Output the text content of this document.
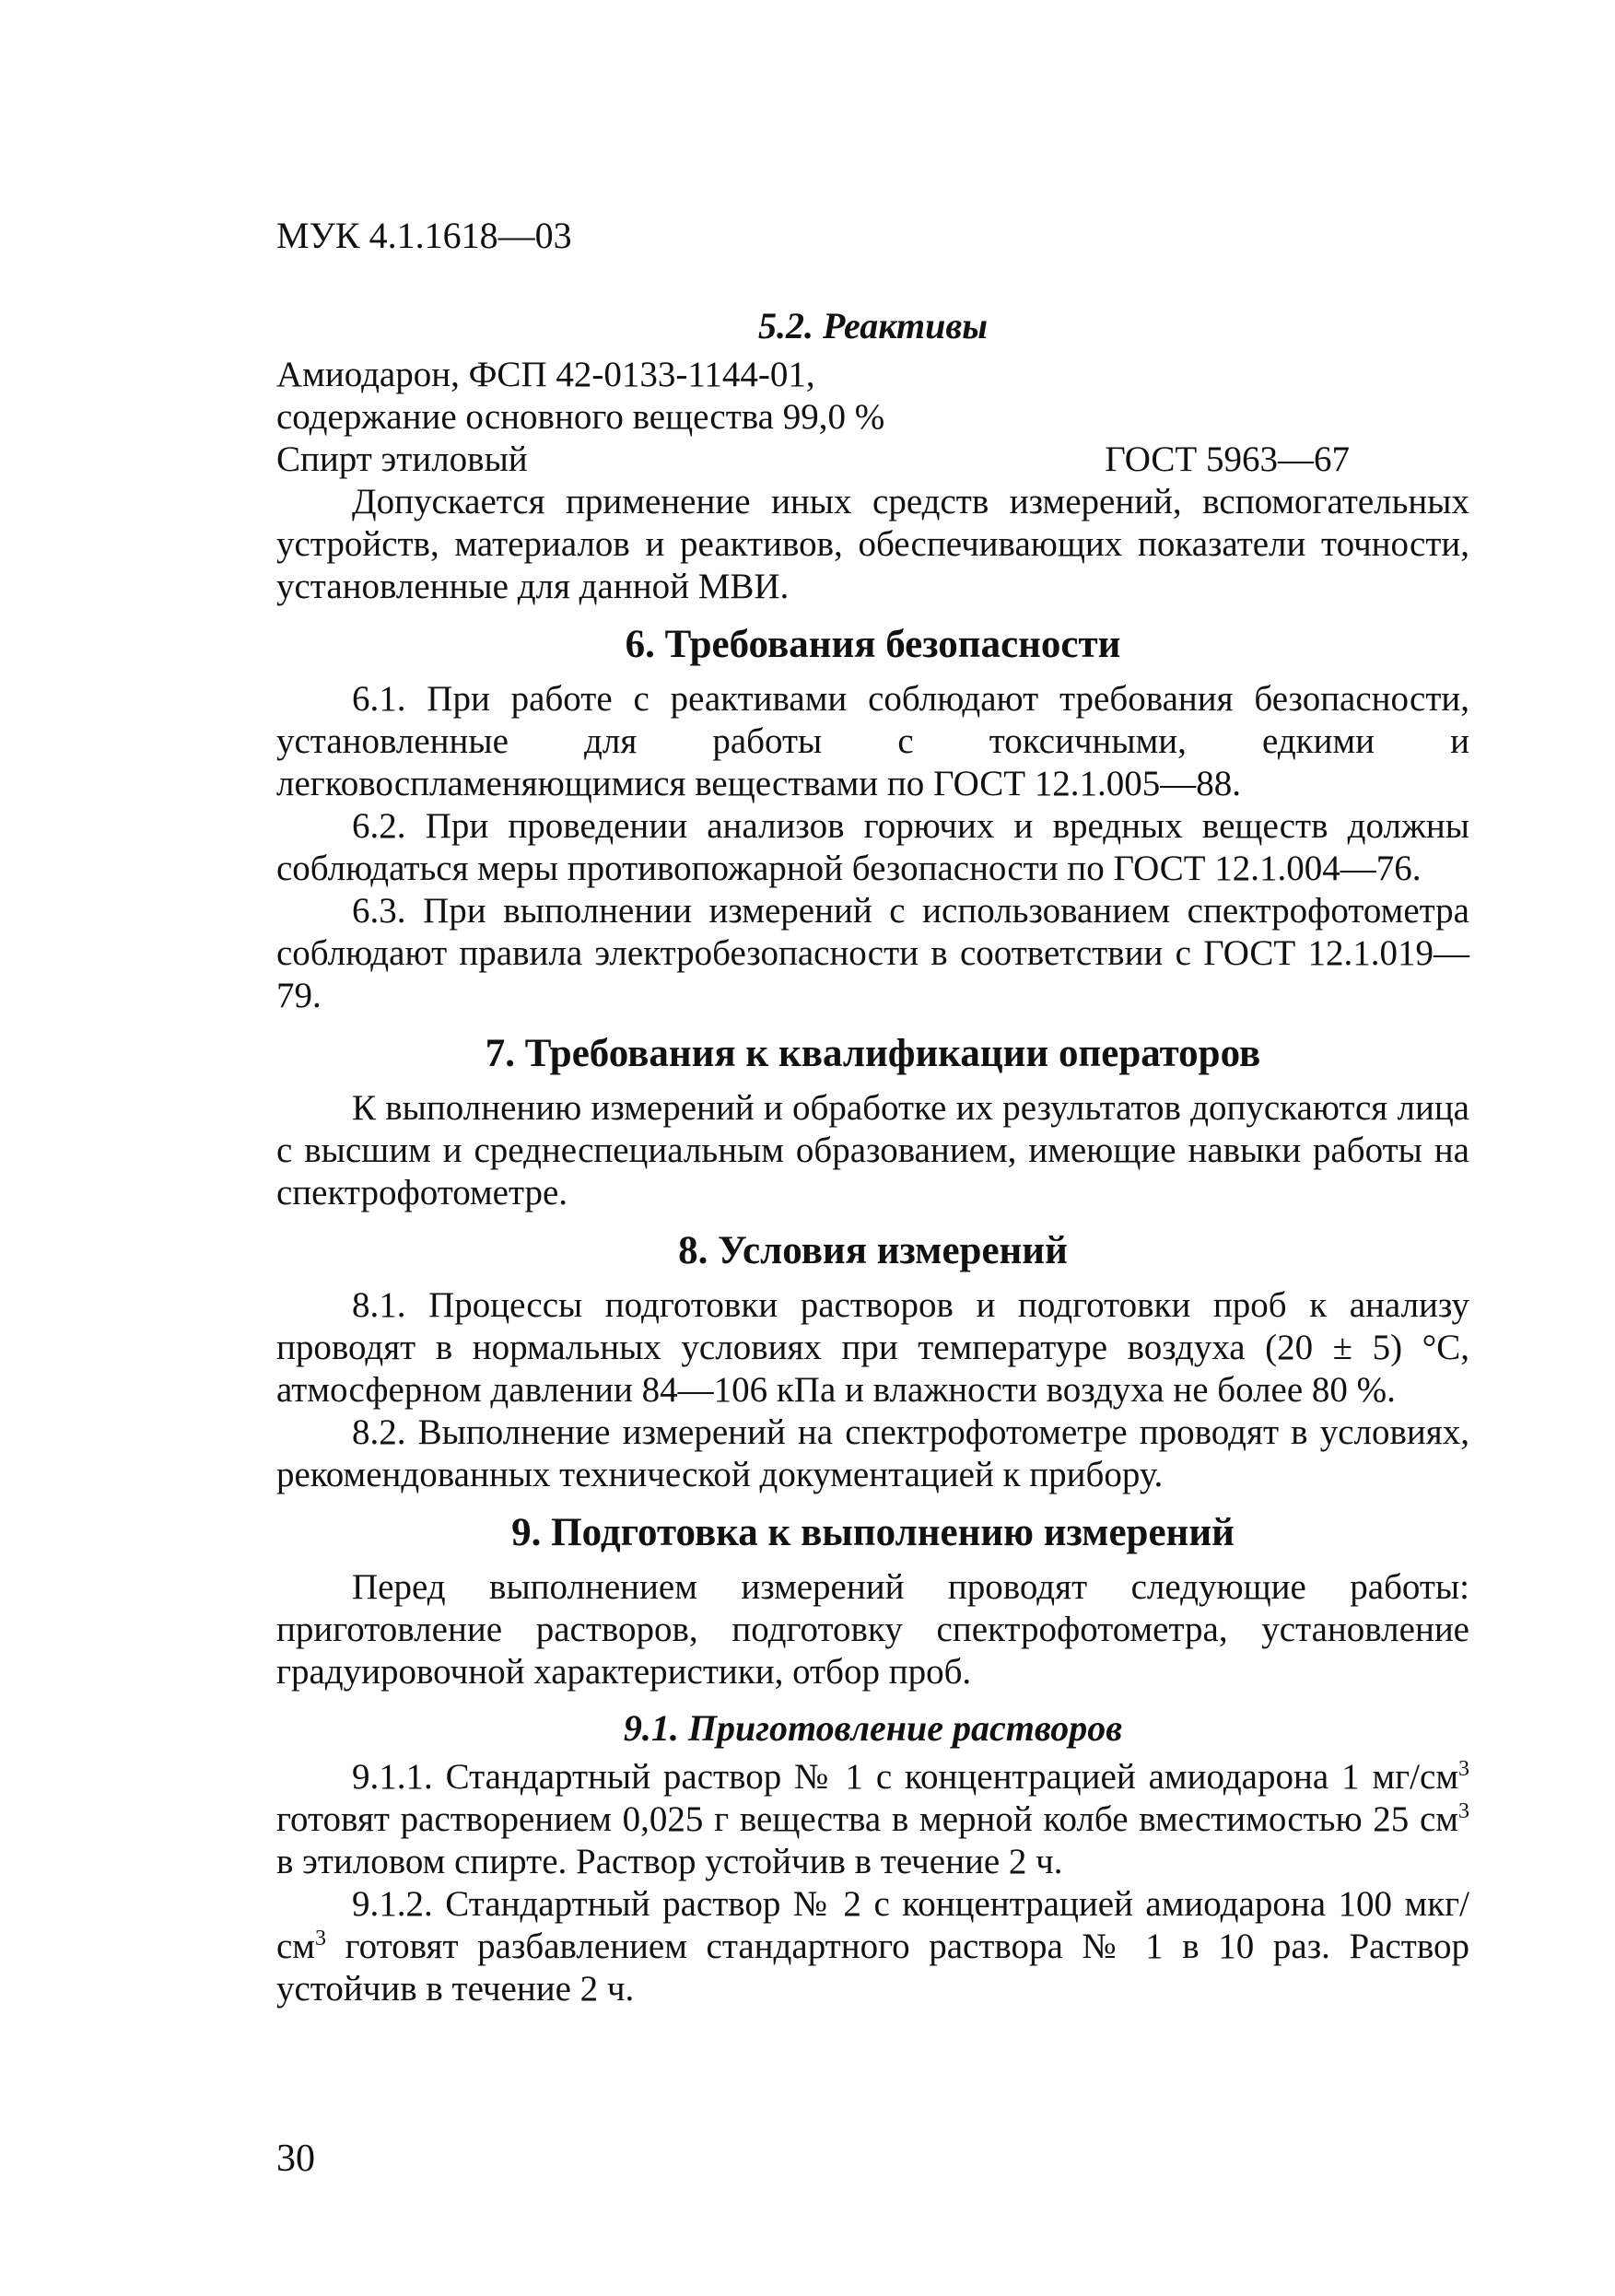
МУК 4.1.1618—03
5.2. Реактивы
Амиодарон, ФСП 42-0133-1144-01,
содержание основного вещества 99,0 %
Спирт этиловый	ГОСТ 5963—67

Допускается применение иных средств измерений, вспомогательных устройств, материалов и реактивов, обеспечивающих показатели точности, установленные для данной МВИ.

6. Требования безопасности

6.1. При работе с реактивами соблюдают требования безопасности, установленные для работы с токсичными, едкими и легковоспламеняющимися веществами по ГОСТ 12.1.005—88.

6.2. При проведении анализов горючих и вредных веществ должны соблюдаться меры противопожарной безопасности по ГОСТ 12.1.004—76.

6.3. При выполнении измерений с использованием спектрофотометра соблюдают правила электробезопасности в соответствии с ГОСТ 12.1.019—79.

7. Требования к квалификации операторов

К выполнению измерений и обработке их результатов допускаются лица с высшим и среднеспециальным образованием, имеющие навыки работы на спектрофотометре.

8. Условия измерений

8.1. Процессы подготовки растворов и подготовки проб к анализу проводят в нормальных условиях при температуре воздуха (20 ± 5) °С, атмосферном давлении 84—106 кПа и влажности воздуха не более 80 %.

8.2. Выполнение измерений на спектрофотометре проводят в условиях, рекомендованных технической документацией к прибору.

9. Подготовка к выполнению измерений

Перед выполнением измерений проводят следующие работы: приготовление растворов, подготовку спектрофотометра, установление градуировочной характеристики, отбор проб.

9.1. Приготовление растворов

9.1.1. Стандартный раствор № 1 с концентрацией амиодарона 1 $мг/см^3$ готовят растворением 0,025 г вещества в мерной колбе вместимостью 25 $см^3$ в этиловом спирте. Раствор устойчив в течение 2 ч.

9.1.2. Стандартный раствор № 2 с концентрацией амиодарона 100 мкг/$см^3$ готовят разбавлением стандартного раствора № 1 в 10 раз. Раствор устойчив в течение 2 ч.

30
